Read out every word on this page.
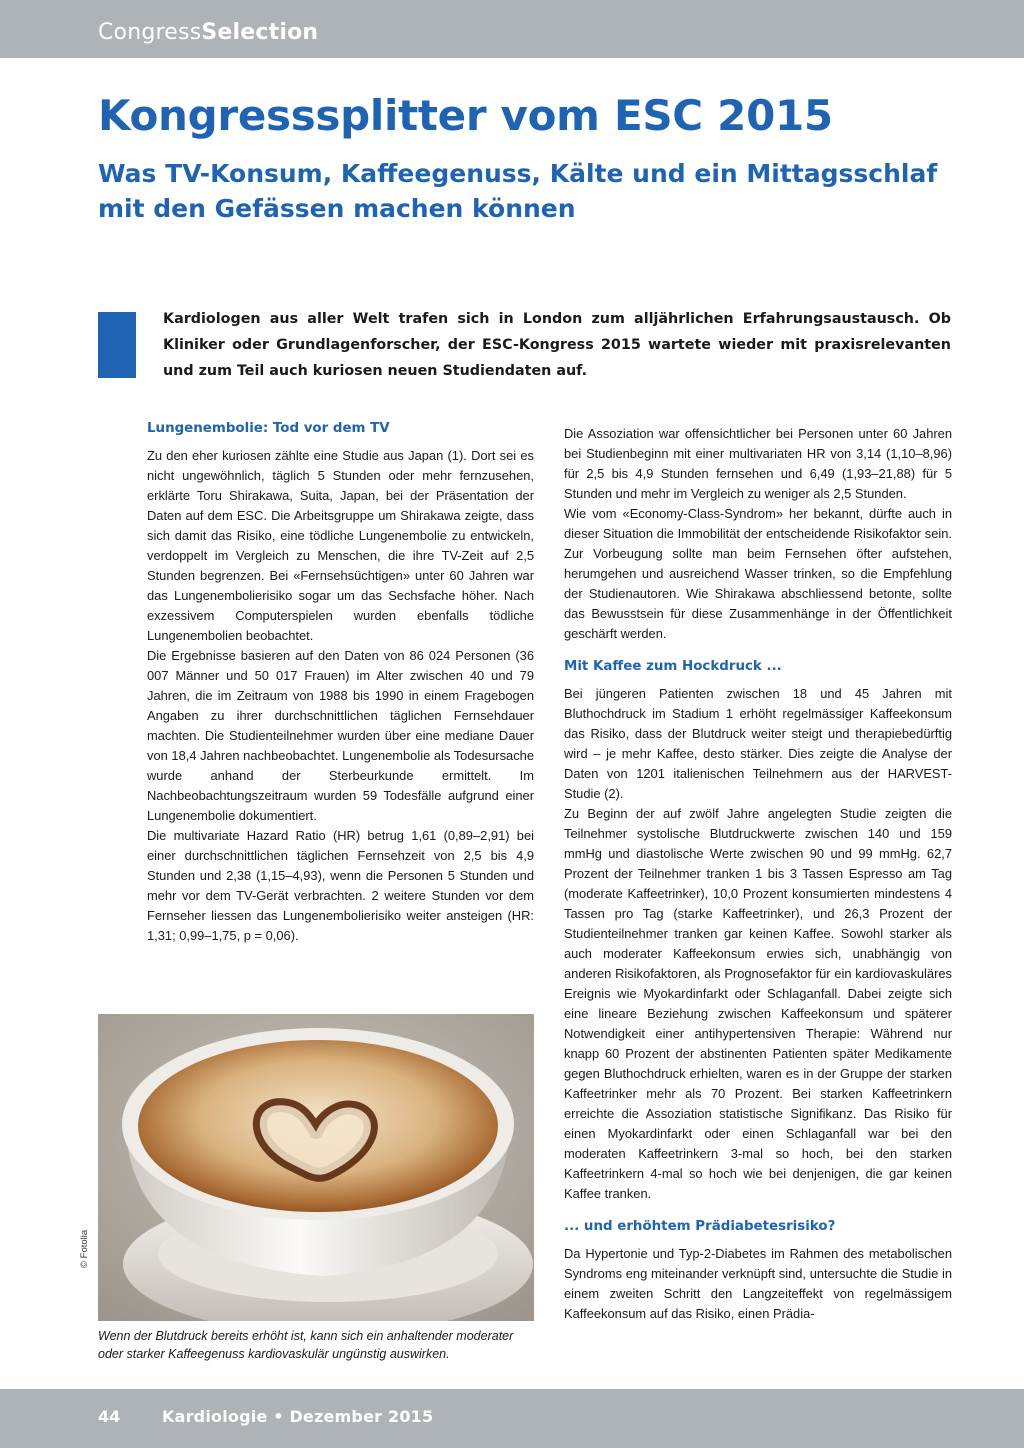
CongressSelection
Kongresssplitter vom ESC 2015
Was TV-Konsum, Kaffeegenuss, Kälte und ein Mittagsschlaf mit den Gefässen machen können

Kardiologen aus aller Welt trafen sich in London zum alljährlichen Erfahrungsaustausch. Ob Kliniker oder Grundlagenforscher, der ESC-Kongress 2015 wartete wieder mit praxisrelevanten und zum Teil auch kuriosen neuen Studiendaten auf.

Lungenembolie: Tod vor dem TV

Zu den eher kuriosen zählte eine Studie aus Japan (1). Dort sei es nicht ungewöhnlich, täglich 5 Stunden oder mehr fernzusehen, erklärte Toru Shirakawa, Suita, Japan, bei der Präsentation der Daten auf dem ESC. Die Arbeitsgruppe um Shirakawa zeigte, dass sich damit das Risiko, eine tödliche Lungenembolie zu entwickeln, verdoppelt im Vergleich zu Menschen, die ihre TV-Zeit auf 2,5 Stunden begrenzen. Bei «Fernsehsüchtigen» unter 60 Jahren war das Lungenembolierisiko sogar um das Sechsfache höher. Nach exzessivem Computerspielen wurden ebenfalls tödliche Lungenembolien beobachtet.

Die Ergebnisse basieren auf den Daten von 86 024 Personen (36 007 Männer und 50 017 Frauen) im Alter zwischen 40 und 79 Jahren, die im Zeitraum von 1988 bis 1990 in einem Fragebogen Angaben zu ihrer durchschnittlichen täglichen Fernsehdauer machten. Die Studienteilnehmer wurden über eine mediane Dauer von 18,4 Jahren nachbeobachtet. Lungenembolie als Todesursache wurde anhand der Sterbeurkunde ermittelt. Im Nachbeobachtungszeitraum wurden 59 Todesfälle aufgrund einer Lungenembolie dokumentiert.

Die multivariate Hazard Ratio (HR) betrug 1,61 (0,89–2,91) bei einer durchschnittlichen täglichen Fernsehzeit von 2,5 bis 4,9 Stunden und 2,38 (1,15–4,93), wenn die Personen 5 Stunden und mehr vor dem TV-Gerät verbrachten. 2 weitere Stunden vor dem Fernseher liessen das Lungenembolierisiko weiter ansteigen (HR: 1,31; 0,99–1,75, p = 0,06).

Die Assoziation war offensichtlicher bei Personen unter 60 Jahren bei Studienbeginn mit einer multivariaten HR von 3,14 (1,10–8,96) für 2,5 bis 4,9 Stunden fernsehen und 6,49 (1,93–21,88) für 5 Stunden und mehr im Vergleich zu weniger als 2,5 Stunden.

Wie vom «Economy-Class-Syndrom» her bekannt, dürfte auch in dieser Situation die Immobilität der entscheidende Risikofaktor sein. Zur Vorbeugung sollte man beim Fernsehen öfter aufstehen, herumgehen und ausreichend Wasser trinken, so die Empfehlung der Studienautoren. Wie Shirakawa abschliessend betonte, sollte das Bewusstsein für diese Zusammenhänge in der Öffentlichkeit geschärft werden.

Mit Kaffee zum Hockdruck ...

Bei jüngeren Patienten zwischen 18 und 45 Jahren mit Bluthochdruck im Stadium 1 erhöht regelmässiger Kaffeekonsum das Risiko, dass der Blutdruck weiter steigt und therapiebedürftig wird – je mehr Kaffee, desto stärker. Dies zeigte die Analyse der Daten von 1201 italienischen Teilnehmern aus der HARVEST-Studie (2).

Zu Beginn der auf zwölf Jahre angelegten Studie zeigten die Teilnehmer systolische Blutdruckwerte zwischen 140 und 159 mmHg und diastolische Werte zwischen 90 und 99 mmHg. 62,7 Prozent der Teilnehmer tranken 1 bis 3 Tassen Espresso am Tag (moderate Kaffeetrinker), 10,0 Prozent konsumierten mindestens 4 Tassen pro Tag (starke Kaffeetrinker), und 26,3 Prozent der Studienteilnehmer tranken gar keinen Kaffee. Sowohl starker als auch moderater Kaffeekonsum erwies sich, unabhängig von anderen Risikofaktoren, als Prognosefaktor für ein kardiovaskuläres Ereignis wie Myokardinfarkt oder Schlaganfall. Dabei zeigte sich eine lineare Beziehung zwischen Kaffeekonsum und späterer Notwendigkeit einer antihypertensiven Therapie: Während nur knapp 60 Prozent der abstinenten Patienten später Medikamente gegen Bluthochdruck erhielten, waren es in der Gruppe der starken Kaffeetrinker mehr als 70 Prozent. Bei starken Kaffeetrinkern erreichte die Assoziation statistische Signifikanz. Das Risiko für einen Myokardinfarkt oder einen Schlaganfall war bei den moderaten Kaffeetrinkern 3-mal so hoch, bei den starken Kaffeetrinkern 4-mal so hoch wie bei denjenigen, die gar keinen Kaffee tranken.

... und erhöhtem Prädiabetesrisiko?

Da Hypertonie und Typ-2-Diabetes im Rahmen des metabolischen Syndroms eng miteinander verknüpft sind, untersuchte die Studie in einem zweiten Schritt den Langzeiteffekt von regelmässigem Kaffeekonsum auf das Risiko, einen Prädia-

© Fotolia

Wenn der Blutdruck bereits erhöht ist, kann sich ein anhaltender moderater oder starker Kaffeegenuss kardiovaskulär ungünstig auswirken.

44	Kardiologie • Dezember 2015
